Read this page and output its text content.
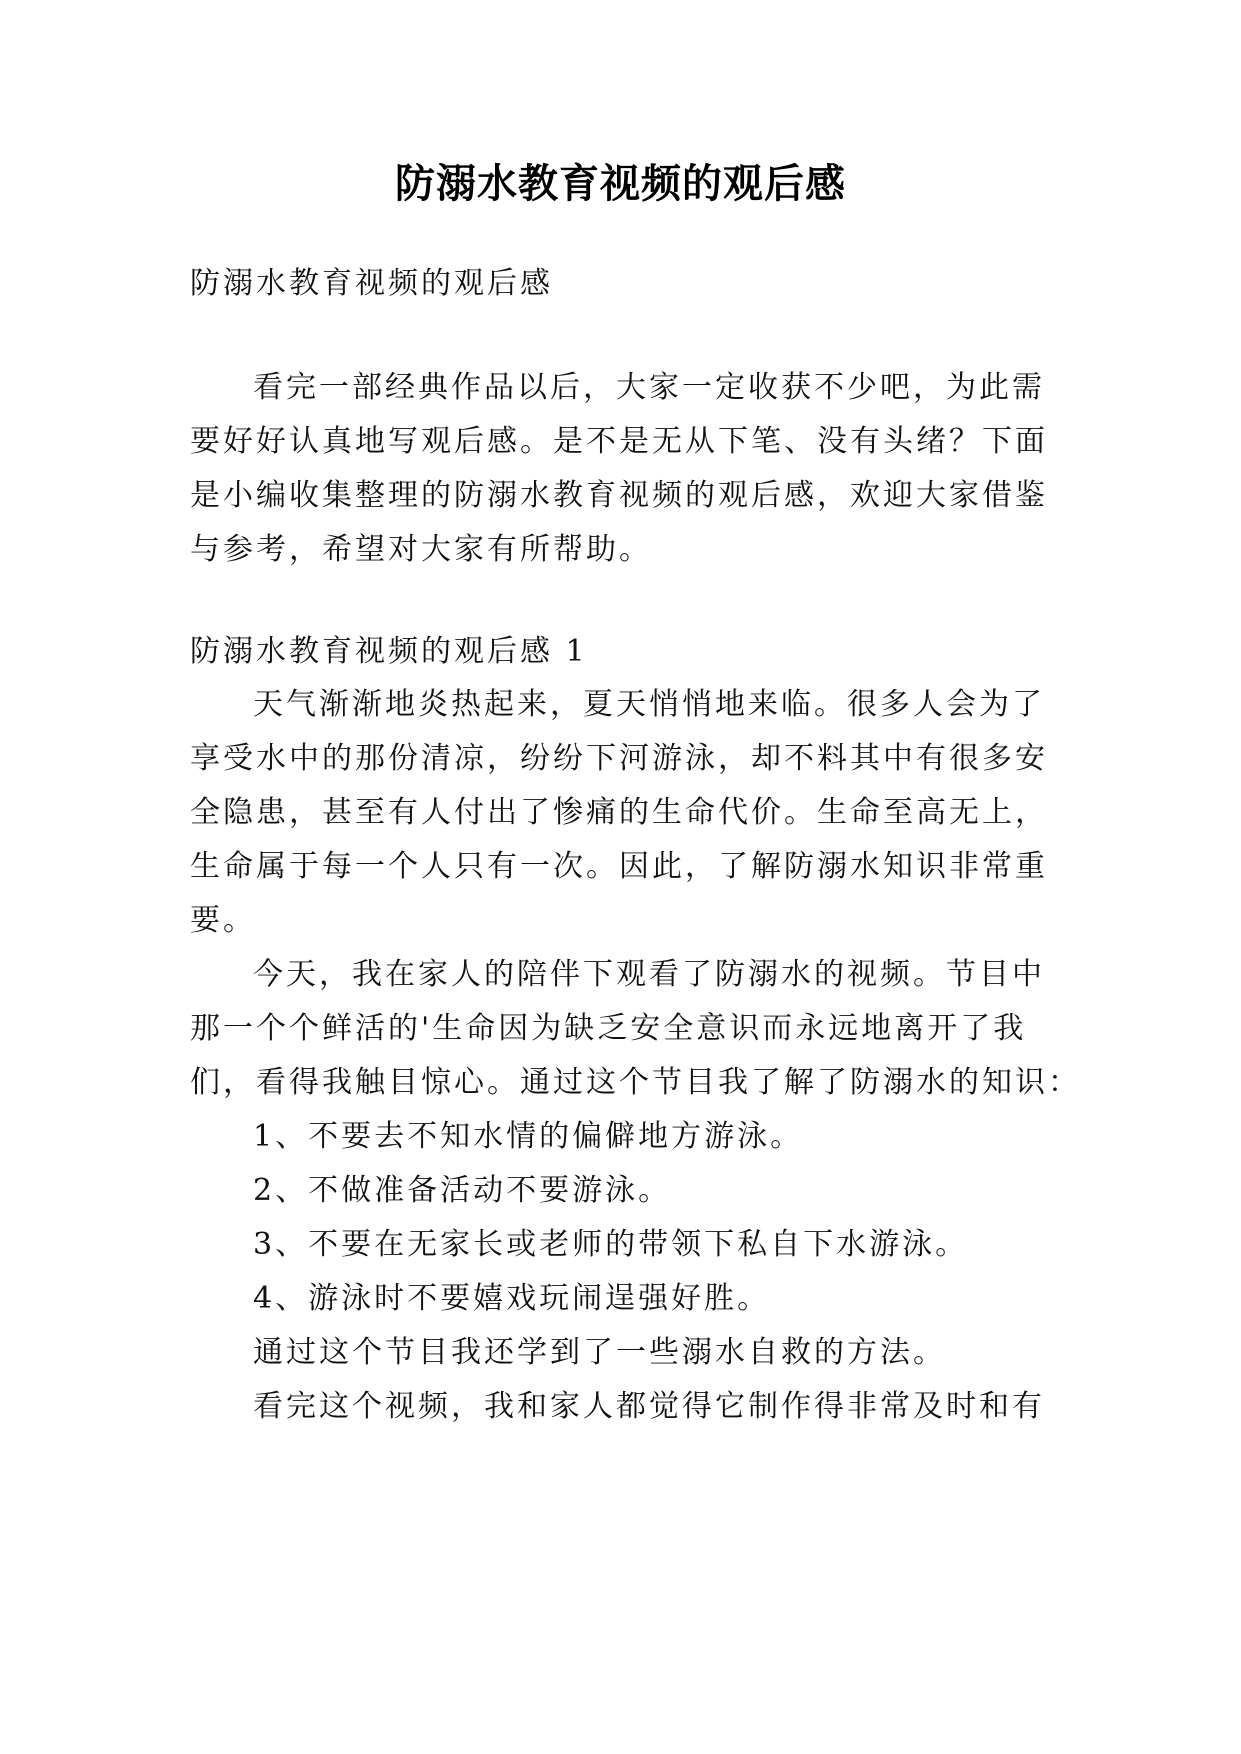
防溺水教育视频的观后感

防溺水教育视频的观后感

看完一部经典作品以后，大家一定收获不少吧，为此需

要好好认真地写观后感。是不是无从下笔、没有头绪？下面

是小编收集整理的防溺水教育视频的观后感，欢迎大家借鉴

与参考，希望对大家有所帮助。

防溺水教育视频的观后感 1

天气渐渐地炎热起来，夏天悄悄地来临。很多人会为了

享受水中的那份清凉，纷纷下河游泳，却不料其中有很多安

全隐患，甚至有人付出了惨痛的生命代价。生命至高无上，

生命属于每一个人只有一次。因此，了解防溺水知识非常重

要。

今天，我在家人的陪伴下观看了防溺水的视频。节目中

那一个个鲜活的'生命因为缺乏安全意识而永远地离开了我

们，看得我触目惊心。通过这个节目我了解了防溺水的知识：

1、不要去不知水情的偏僻地方游泳。

2、不做准备活动不要游泳。

3、不要在无家长或老师的带领下私自下水游泳。

4、游泳时不要嬉戏玩闹逞强好胜。

通过这个节目我还学到了一些溺水自救的方法。

看完这个视频，我和家人都觉得它制作得非常及时和有
